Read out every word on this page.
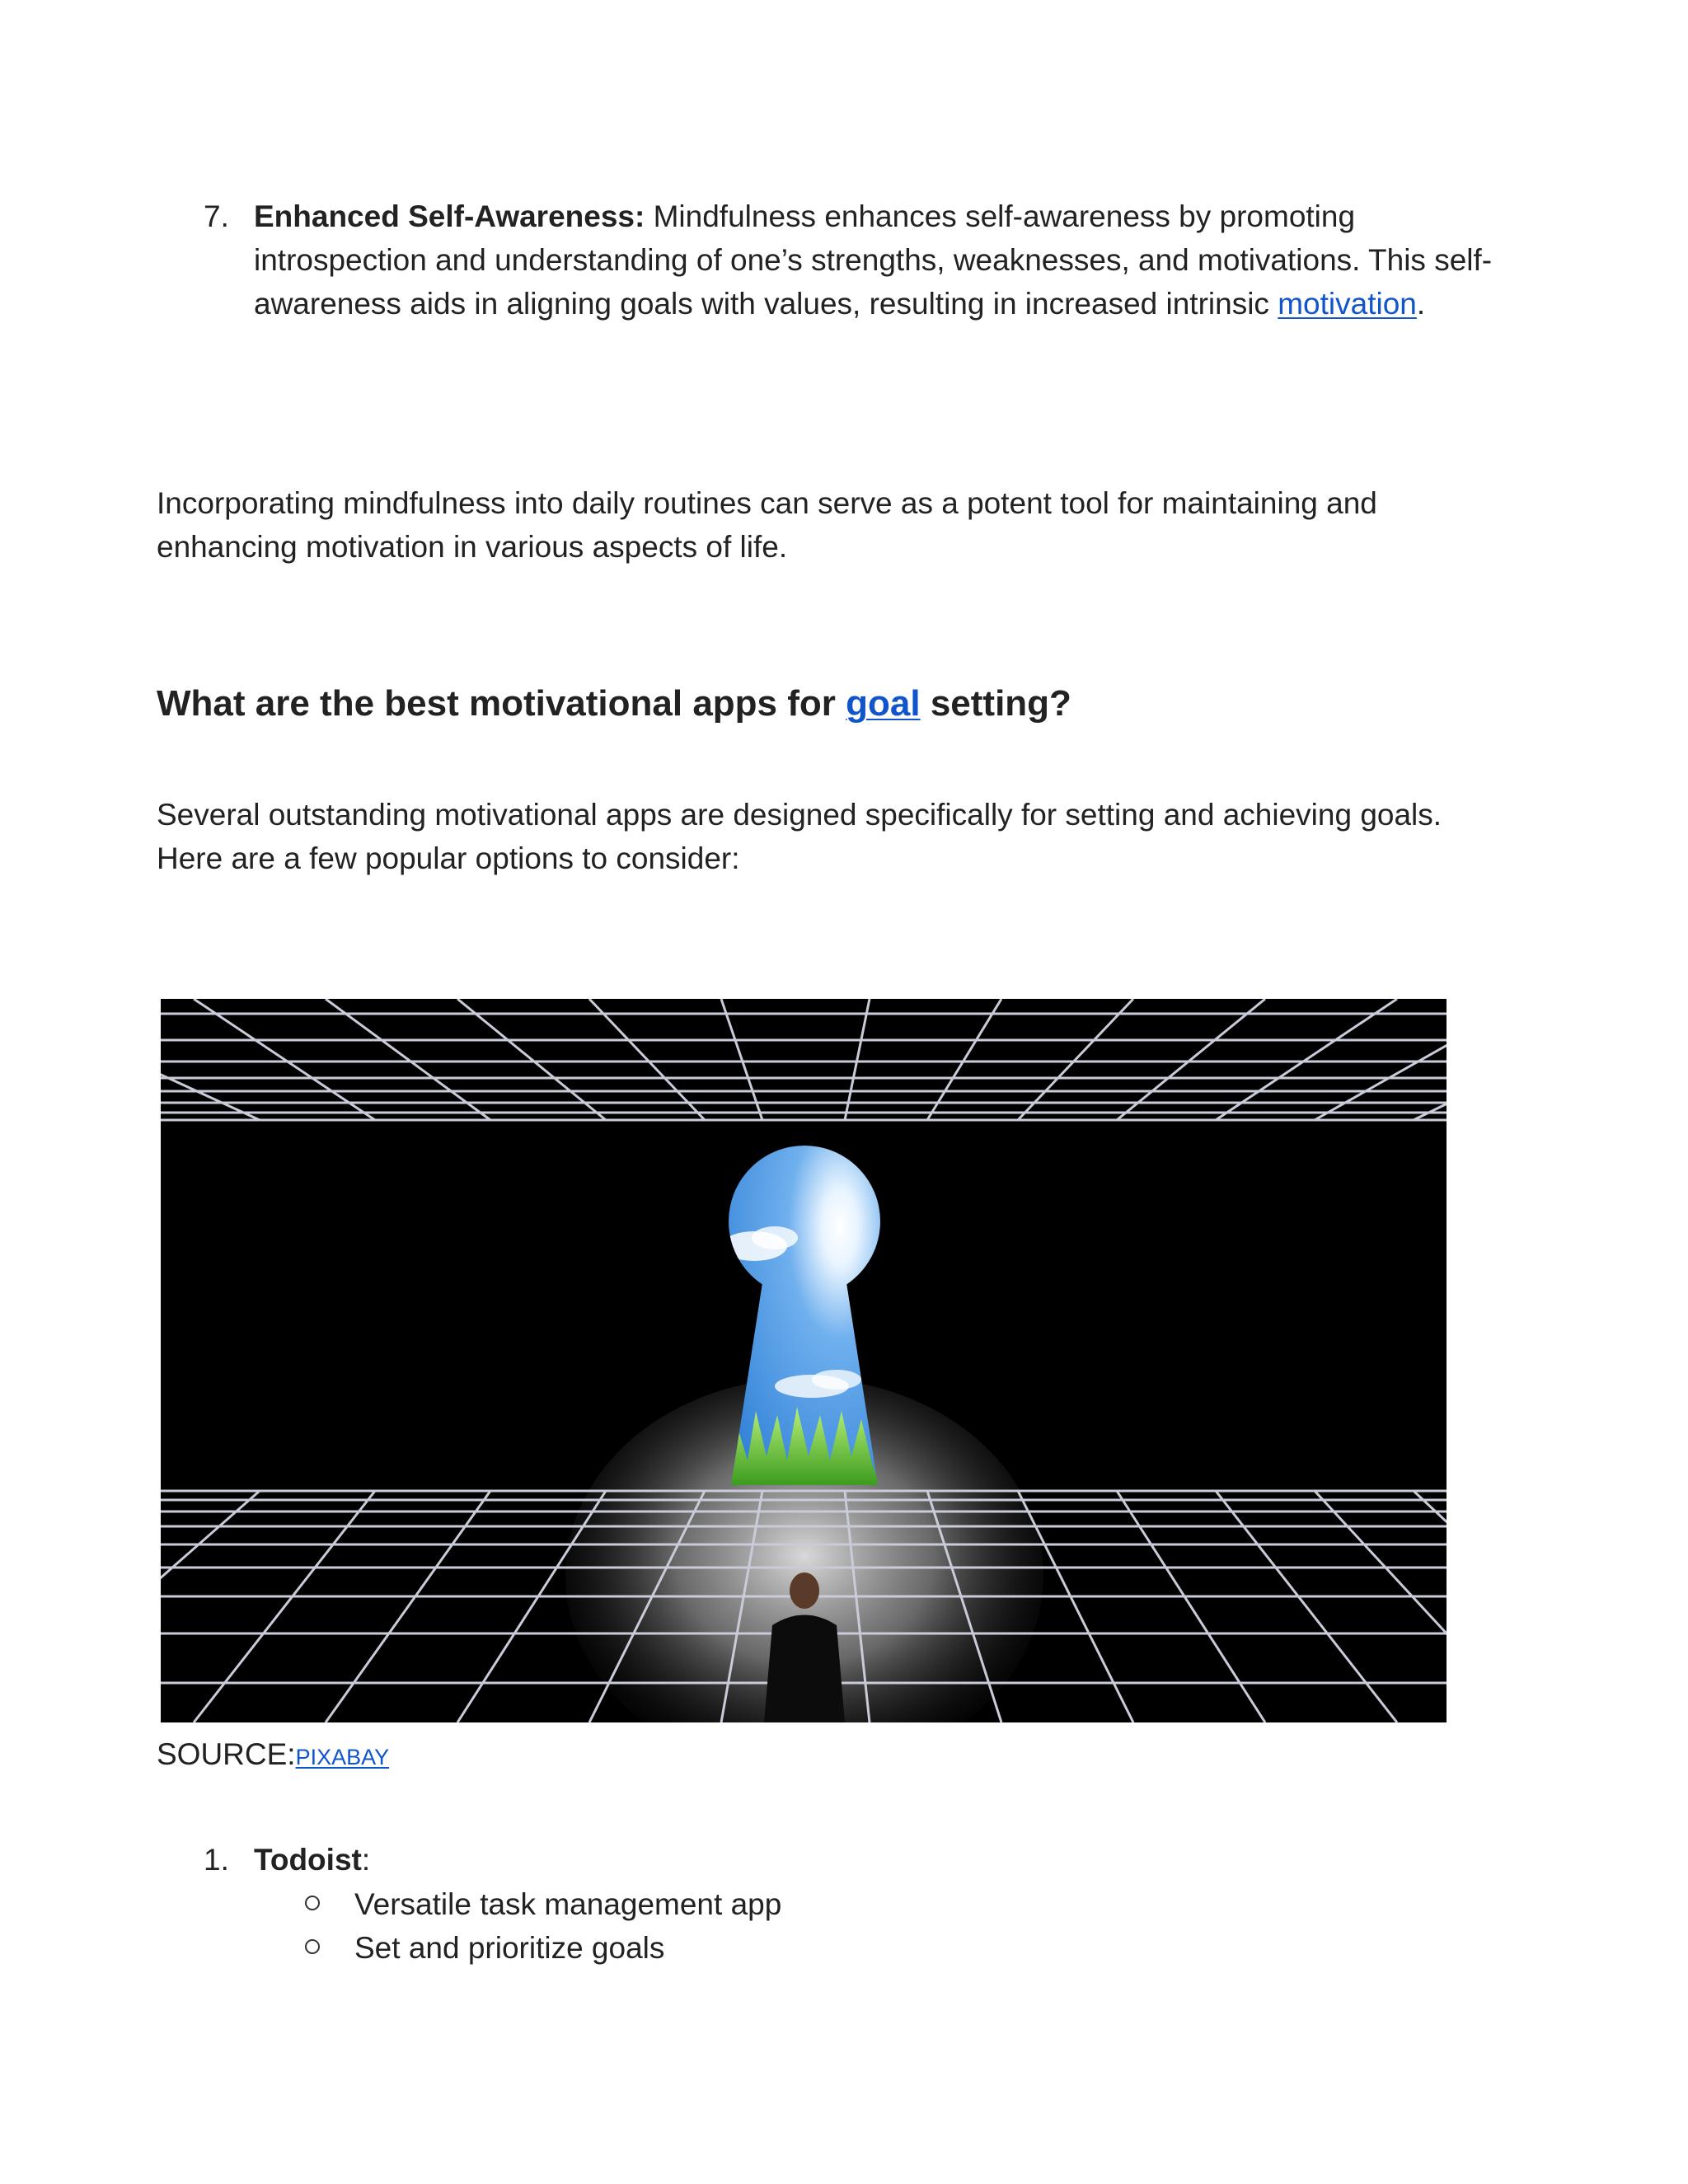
7. Enhanced Self-Awareness: Mindfulness enhances self-awareness by promoting introspection and understanding of one’s strengths, weaknesses, and motivations. This self-awareness aids in aligning goals with values, resulting in increased intrinsic motivation.

Incorporating mindfulness into daily routines can serve as a potent tool for maintaining and enhancing motivation in various aspects of life.

What are the best motivational apps for goal setting?

Several outstanding motivational apps are designed specifically for setting and achieving goals. Here are a few popular options to consider:

SOURCE:PIXABAY
1. Todoist:
Versatile task management app
Set and prioritize goals
